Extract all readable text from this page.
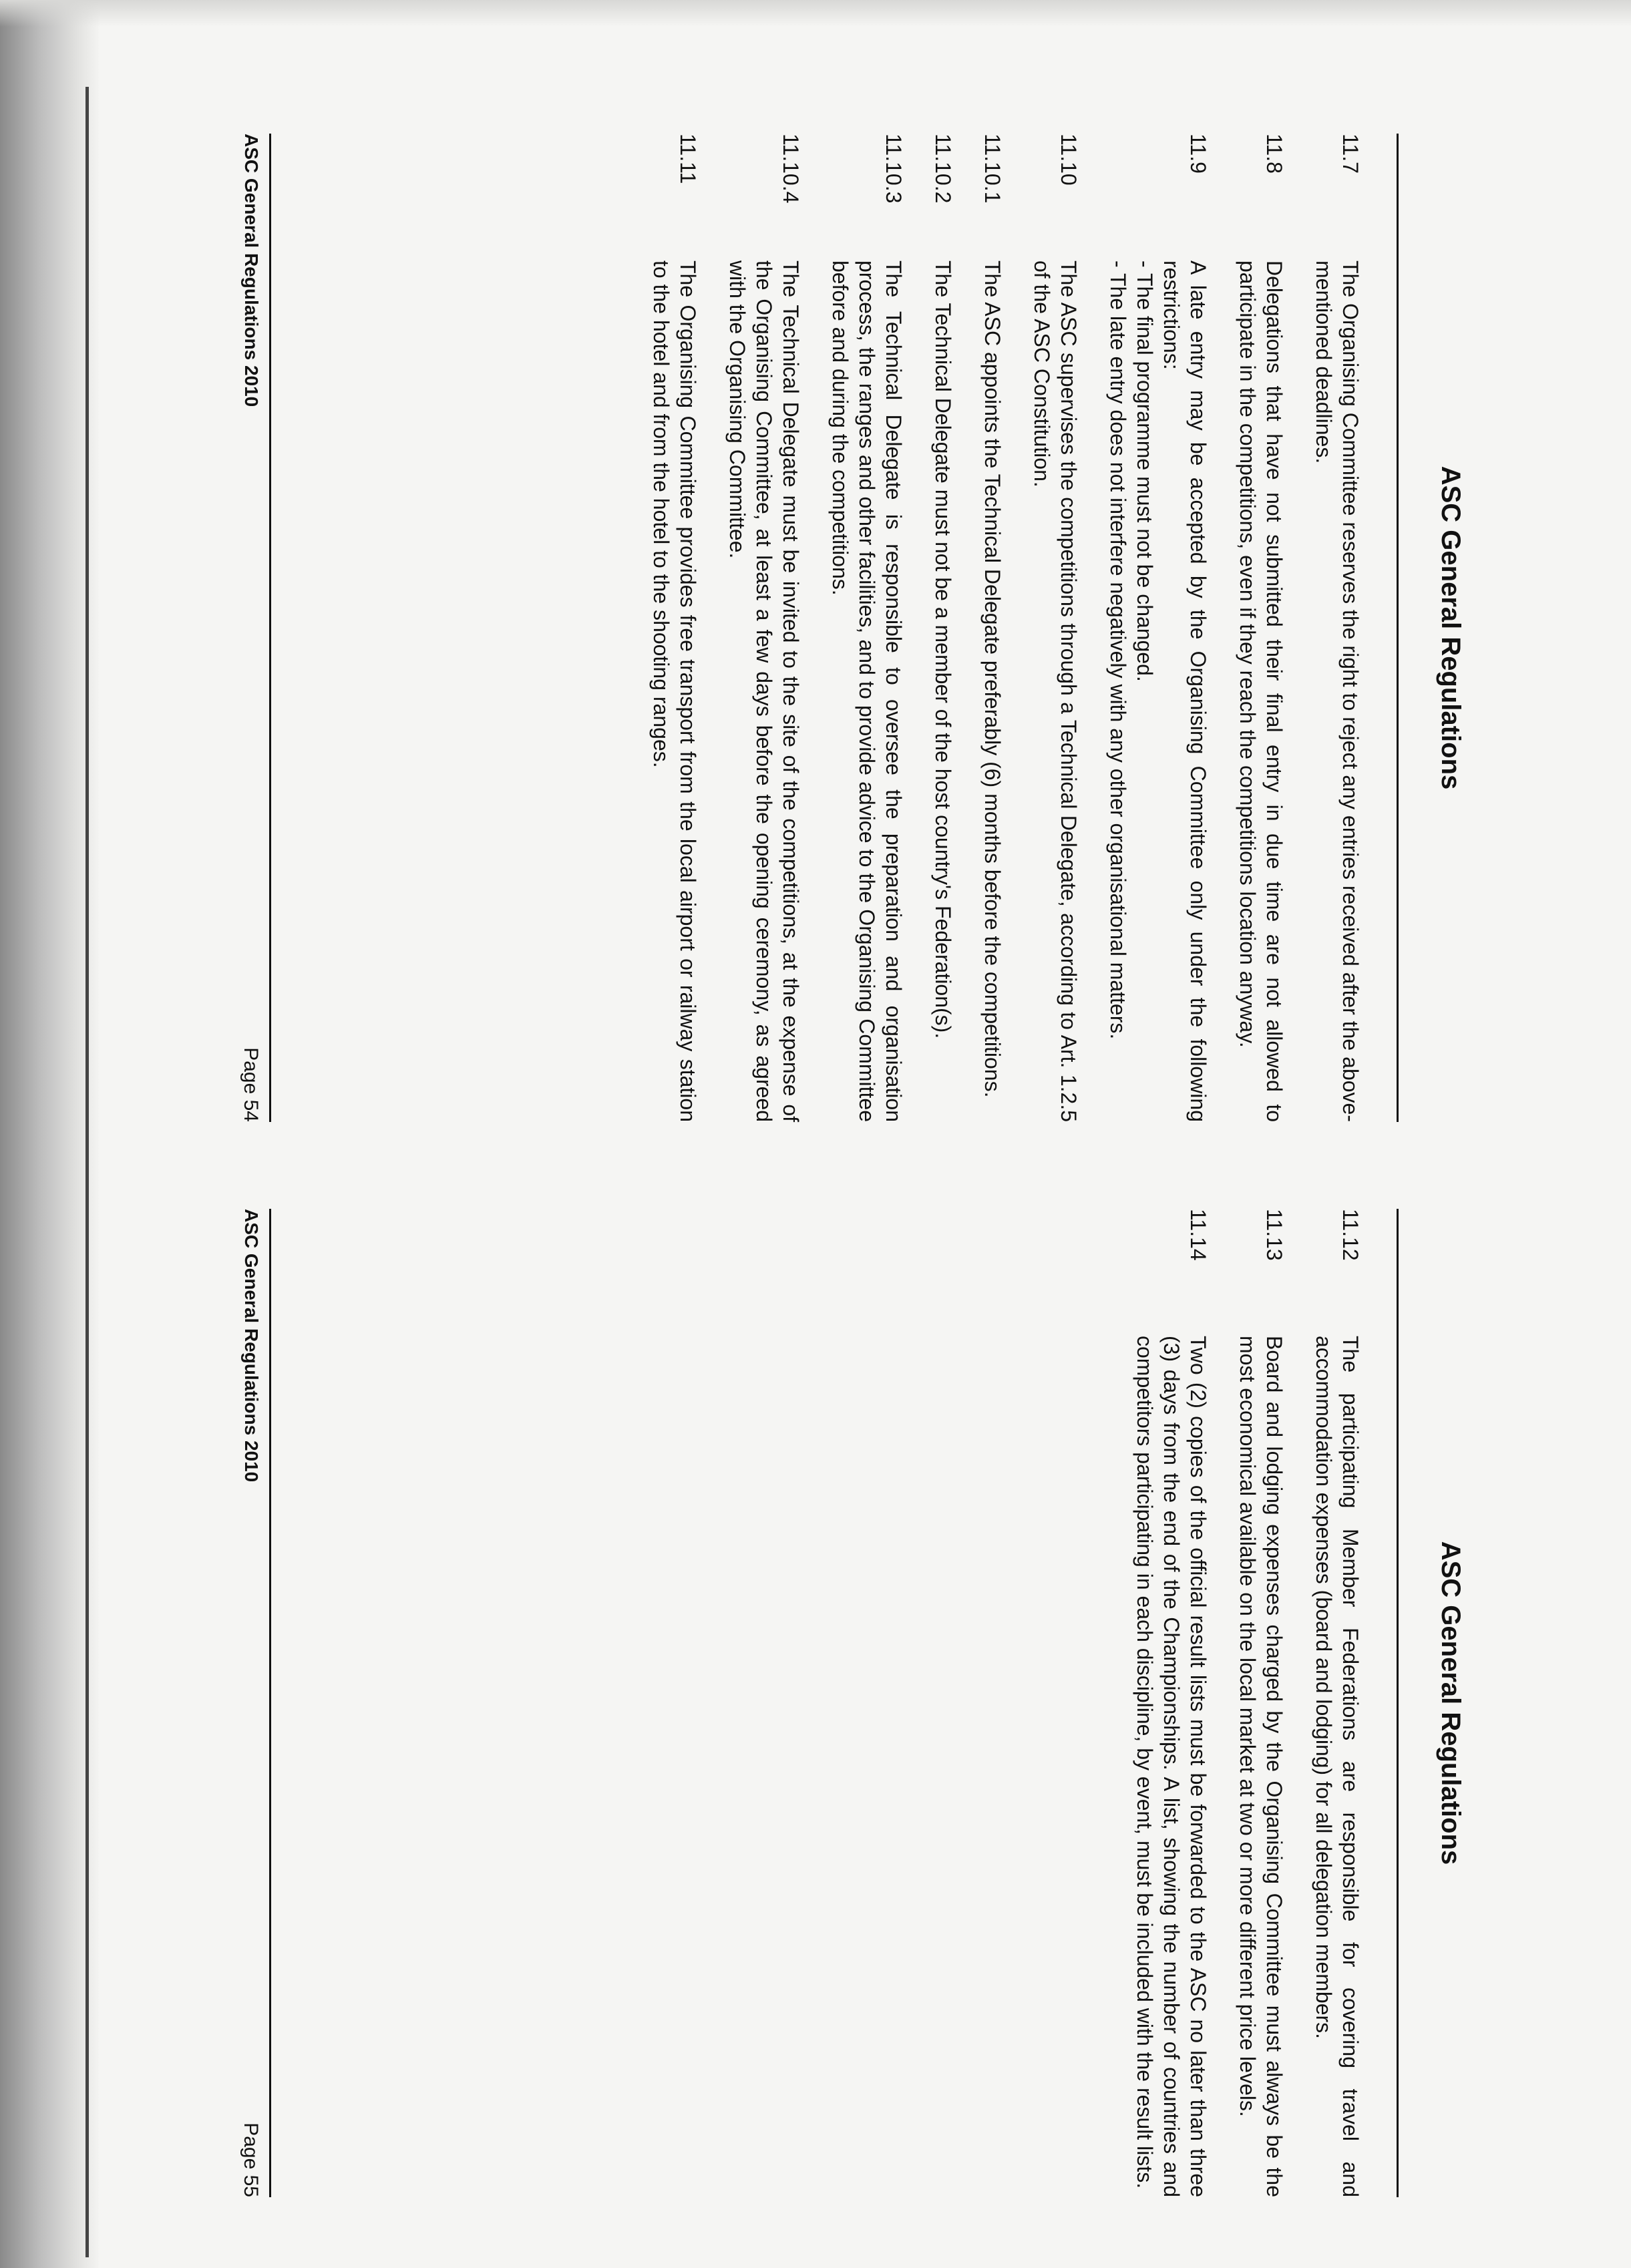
ASC General Regulations
11.7
The Organising Committee reserves the right to reject any entries received after the above-mentioned deadlines.
11.8
Delegations that have not submitted their final entry in due time are not allowed to participate in the competitions, even if they reach the competitions location anyway.
11.9
A late entry may be accepted by the Organising Committee only under the following restrictions:
- The final programme must not be changed.
- The late entry does not interfere negatively with any other organisational matters.
11.10
The ASC supervises the competitions through a Technical Delegate, according to Art. 1.2.5 of the ASC Constitution.
11.10.1
The ASC appoints the Technical Delegate preferably (6) months before the competitions.
11.10.2
The Technical Delegate must not be a member of the host country's Federation(s).
11.10.3
The Technical Delegate is responsible to oversee the preparation and organisation process, the ranges and other facilities, and to provide advice to the Organising Committee before and during the competitions.
11.10.4
The Technical Delegate must be invited to the site of the competitions, at the expense of the Organising Committee, at least a few days before the opening ceremony, as agreed with the Organising Committee.
11.11
The Organising Committee provides free transport from the local airport or railway station to the hotel and from the hotel to the shooting ranges.
ASC General Regulations 2010
Page 54
ASC General Regulations
11.12
The participating Member Federations are responsible for covering travel and accommodation expenses (board and lodging) for all delegation members.
11.13
Board and lodging expenses charged by the Organising Committee must always be the most economical available on the local market at two or more different price levels.
11.14
Two (2) copies of the official result lists must be forwarded to the ASC no later than three (3) days from the end of the Championships. A list, showing the number of countries and competitors participating in each discipline, by event, must be included with the result lists.
ASC General Regulations 2010
Page 55
